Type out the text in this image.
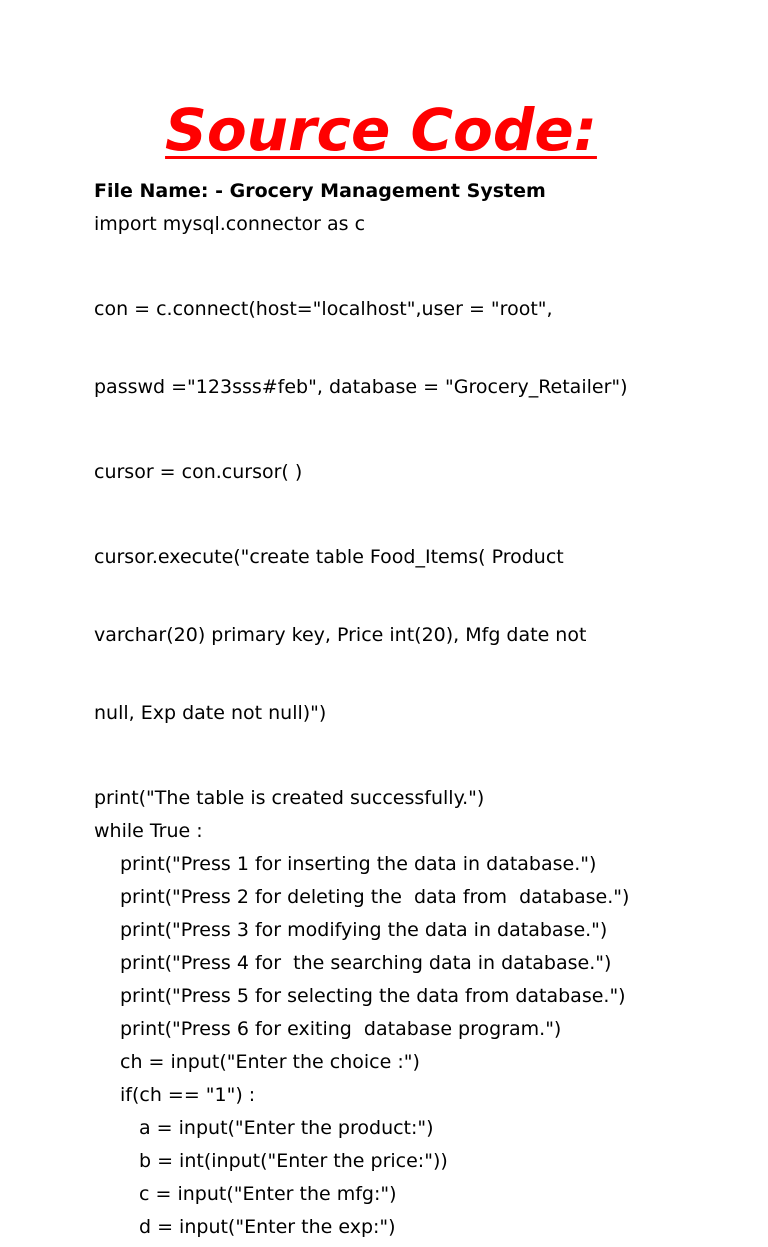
Source Code:
File Name: - Grocery Management System
import mysql.connector as c

con = c.connect(host="localhost",user = "root",

passwd ="123sss#feb", database = "Grocery_Retailer")

cursor = con.cursor( )

cursor.execute("create table Food_Items( Product

varchar(20) primary key, Price int(20), Mfg date not

null, Exp date not null)")

print("The table is created successfully.")
while True :
print("Press 1 for inserting the data in database.")
print("Press 2 for deleting the  data from  database.")
print("Press 3 for modifying the data in database.")
print("Press 4 for  the searching data in database.")
print("Press 5 for selecting the data from database.")
print("Press 6 for exiting  database program.")
ch = input("Enter the choice :")
if(ch == "1") :
a = input("Enter the product:")
b = int(input("Enter the price:"))
c = input("Enter the mfg:")
d = input("Enter the exp:")
